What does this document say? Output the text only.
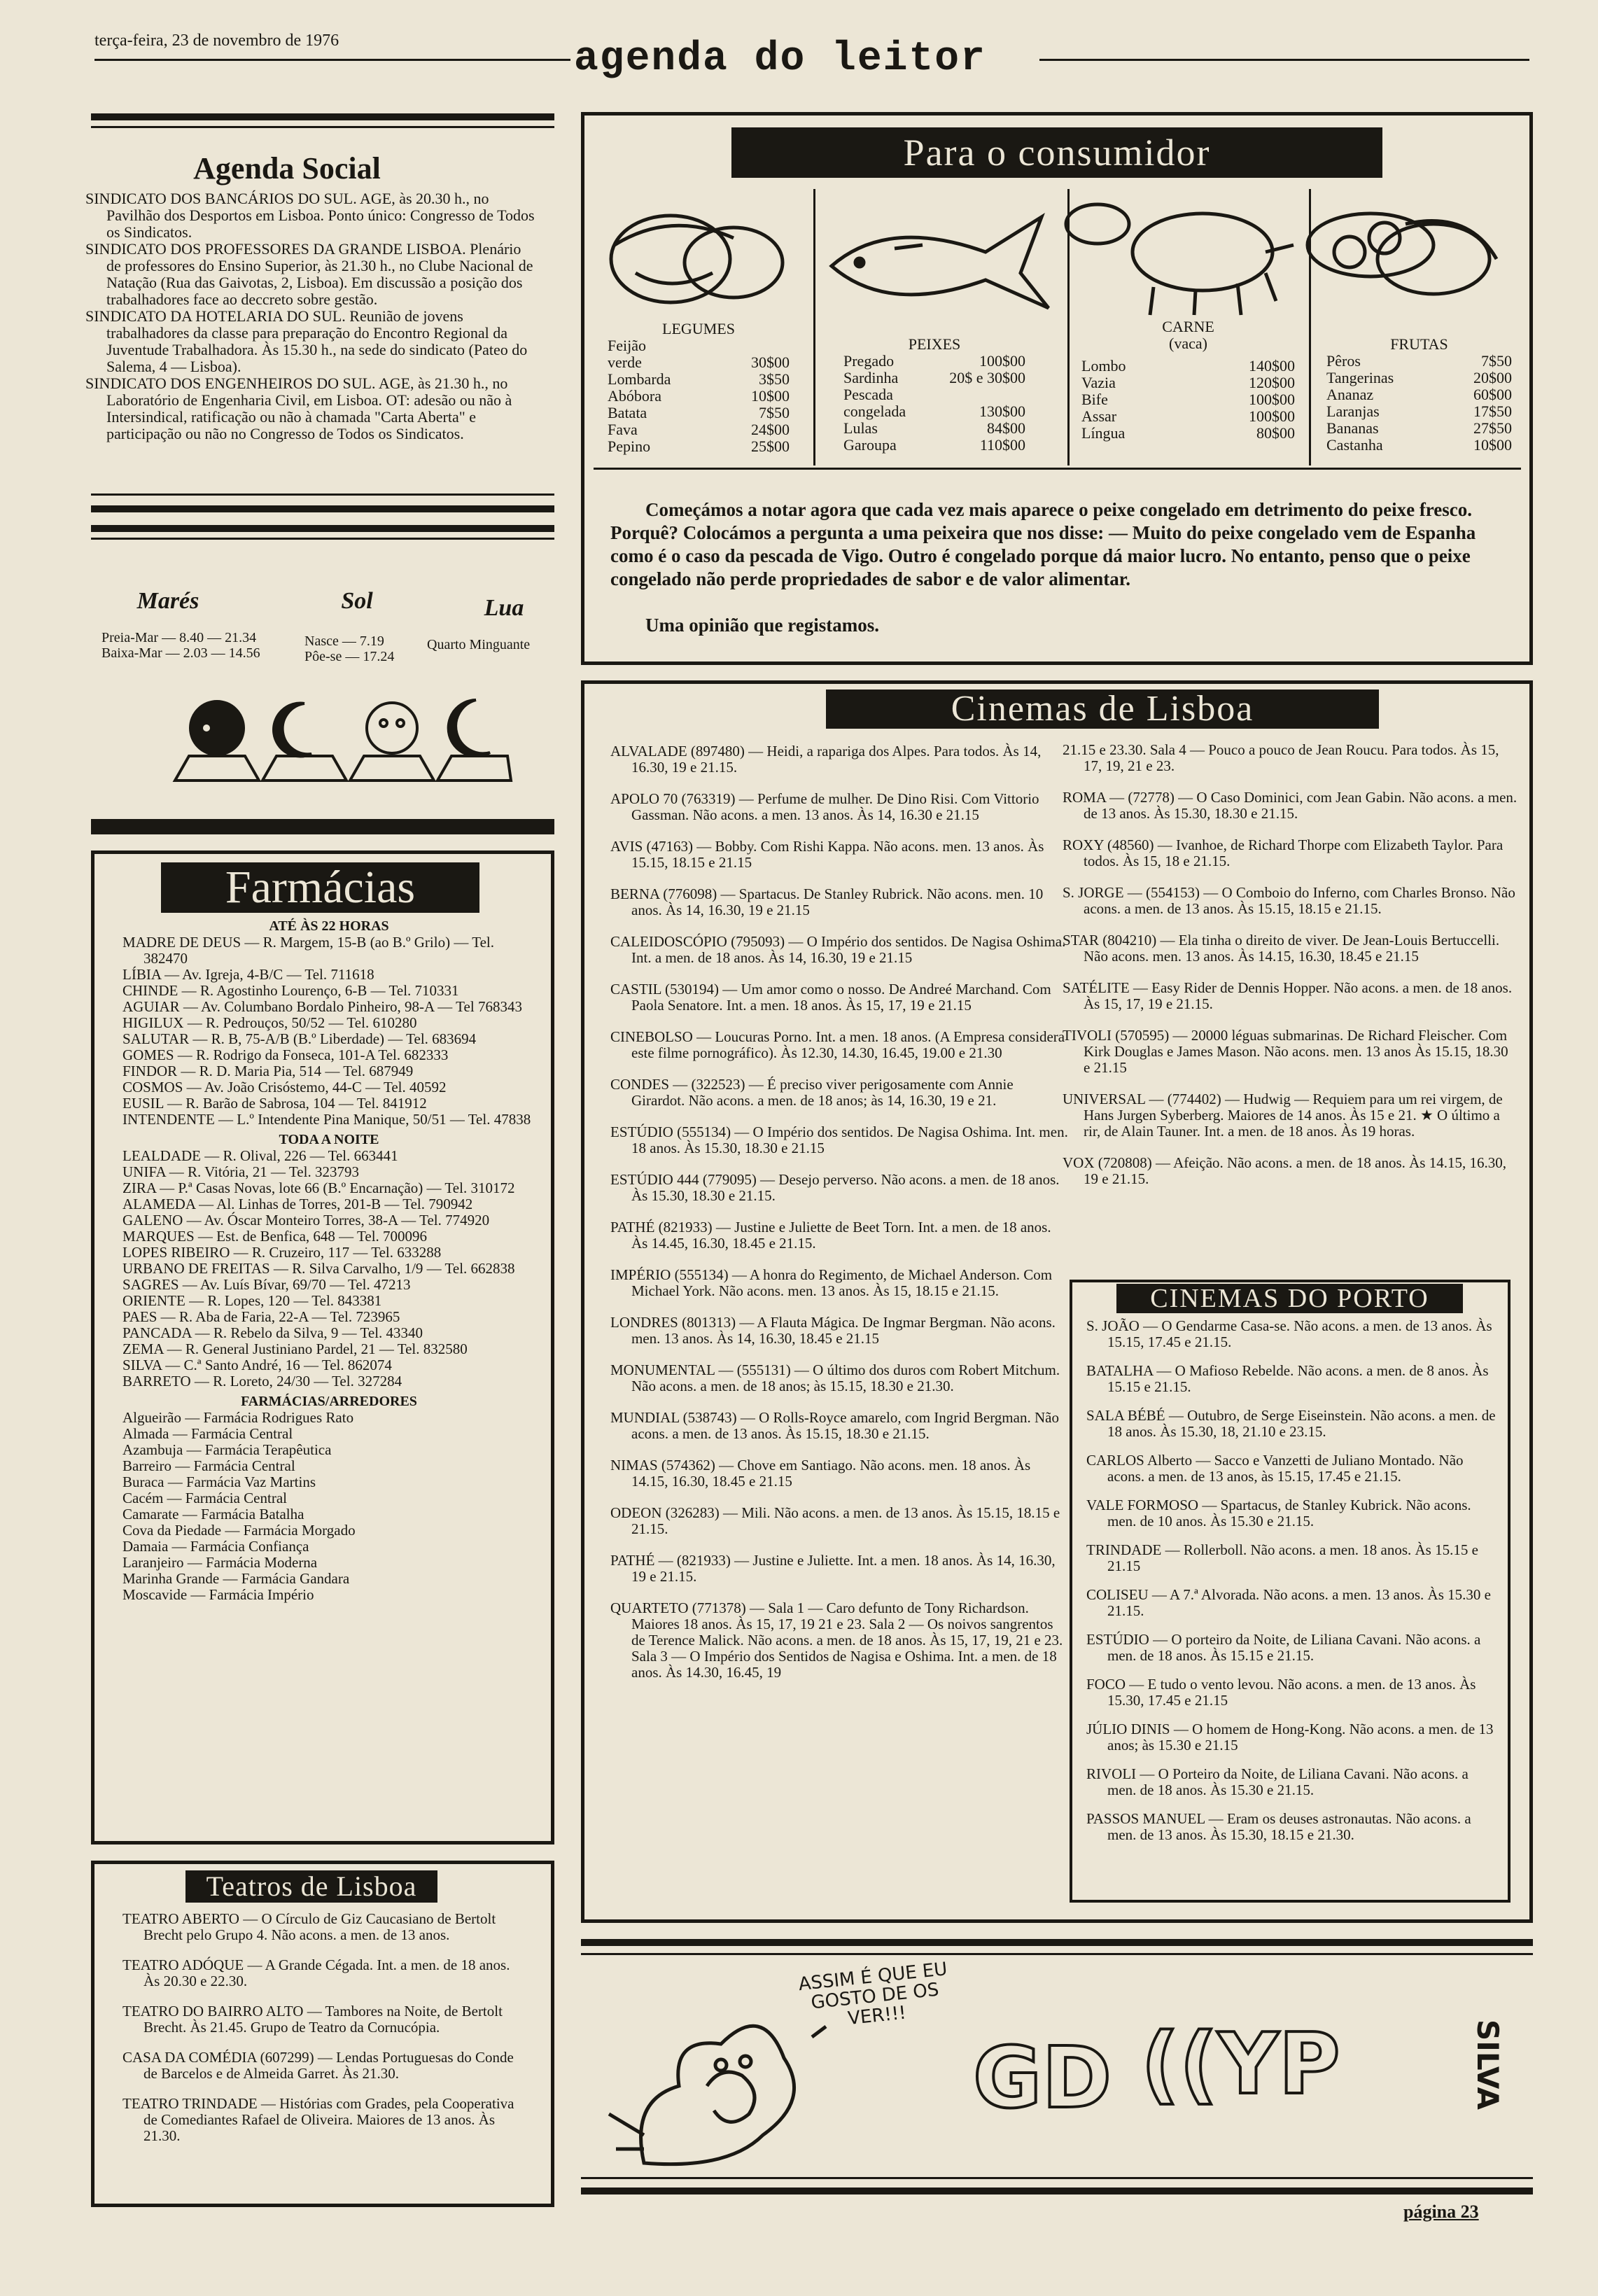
terça-feira, 23 de novembro de 1976	agenda do leitor
Agenda Social
SINDICATO DOS BANCÁRIOS DO SUL. AGE, às 20.30 h., no Pavilhão dos Desportos em Lisboa. Ponto único: Congresso de Todos os Sindicatos.
SINDICATO DOS PROFESSORES DA GRANDE LISBOA. Plenário de professores do Ensino Superior, às 21.30 h., no Clube Nacional de Natação (Rua das Gaivotas, 2, Lisboa). Em discussão a posição dos trabalhadores face ao deccreto sobre gestão.
SINDICATO DA HOTELARIA DO SUL. Reunião de jovens trabalhadores da classe para preparação do Encontro Regional da Juventude Trabalhadora. Às 15.30 h., na sede do sindicato (Pateo do Salema, 4 — Lisboa).
SINDICATO DOS ENGENHEIROS DO SUL. AGE, às 21.30 h., no Laboratório de Engenharia Civil, em Lisboa. OT: adesão ou não à Intersindical, ratificação ou não à chamada "Carta Aberta" e participação ou não no Congresso de Todos os Sindicatos.
Marés	Sol	Lua
Preia-Mar — 8.40 — 21.34
Baixa-Mar — 2.03 — 14.56
Nasce — 7.19
Pôe-se — 17.24
Quarto Minguante
Farmácias
ATÉ ÀS 22 HORAS
MADRE DE DEUS — R. Margem, 15-B (ao B.º Grilo) — Tel. 382470
LÍBIA — Av. Igreja, 4-B/C — Tel. 711618
CHINDE — R. Agostinho Lourenço, 6-B — Tel. 710331
AGUIAR — Av. Columbano Bordalo Pinheiro, 98-A — Tel 768343
HIGILUX — R. Pedrouços, 50/52 — Tel. 610280
SALUTAR — R. B, 75-A/B (B.º Liberdade) — Tel. 683694
GOMES — R. Rodrigo da Fonseca, 101-A Tel. 682333
FINDOR — R. D. Maria Pia, 514 — Tel. 687949
COSMOS — Av. João Crisóstemo, 44-C — Tel. 40592
EUSIL — R. Barão de Sabrosa, 104 — Tel. 841912
INTENDENTE — L.º Intendente Pina Manique, 50/51 — Tel. 47838
TODA A NOITE
LEALDADE — R. Olival, 226 — Tel. 663441
UNIFA — R. Vitória, 21 — Tel. 323793
ZIRA — P.ª Casas Novas, lote 66 (B.º Encarnação) — Tel. 310172
ALAMEDA — Al. Linhas de Torres, 201-B — Tel. 790942
GALENO — Av. Óscar Monteiro Torres, 38-A — Tel. 774920
MARQUES — Est. de Benfica, 648 — Tel. 700096
LOPES RIBEIRO — R. Cruzeiro, 117 — Tel. 633288
URBANO DE FREITAS — R. Silva Carvalho, 1/9 — Tel. 662838
SAGRES — Av. Luís Bívar, 69/70 — Tel. 47213
ORIENTE — R. Lopes, 120 — Tel. 843381
PAES — R. Aba de Faria, 22-A — Tel. 723965
PANCADA — R. Rebelo da Silva, 9 — Tel. 43340
ZEMA — R. General Justiniano Pardel, 21 — Tel. 832580
SILVA — C.ª Santo André, 16 — Tel. 862074
BARRETO — R. Loreto, 24/30 — Tel. 327284
FARMÁCIAS/ARREDORES
Algueirão — Farmácia Rodrigues Rato
Almada — Farmácia Central
Azambuja — Farmácia Terapêutica
Barreiro — Farmácia Central
Buraca — Farmácia Vaz Martins
Cacém — Farmácia Central
Camarate — Farmácia Batalha
Cova da Piedade — Farmácia Morgado
Damaia — Farmácia Confiança
Laranjeiro — Farmácia Moderna
Marinha Grande — Farmácia Gandara
Moscavide — Farmácia Império
Teatros de Lisboa
TEATRO ABERTO — O Círculo de Giz Caucasiano de Bertolt Brecht pelo Grupo 4. Não acons. a men. de 13 anos.
TEATRO ADÓQUE — A Grande Cégada. Int. a men. de 18 anos. Às 20.30 e 22.30.
TEATRO DO BAIRRO ALTO — Tambores na Noite, de Bertolt Brecht. Às 21.45. Grupo de Teatro da Cornucópia.
CASA DA COMÉDIA (607299) — Lendas Portuguesas do Conde de Barcelos e de Almeida Garret. Às 21.30.
TEATRO TRINDADE — Histórias com Grades, pela Cooperativa de Comediantes Rafael de Oliveira. Maiores de 13 anos. Às 21.30.
Para o consumidor
LEGUMES
Feijão
verde	30$00
Lombarda	3$50
Abóbora	10$00
Batata	7$50
Fava	24$00
Pepino	25$00
PEIXES
Pregado	100$00
Sardinha	20$ e 30$00
Pescada
congelada	130$00
Lulas	84$00
Garoupa	110$00
CARNE
(vaca)
Lombo	140$00
Vazia	120$00
Bife	100$00
Assar	100$00
Língua	80$00
FRUTAS
Pêros	7$50
Tangerinas	20$00
Ananaz	60$00
Laranjas	17$50
Bananas	27$50
Castanha	10$00
Começámos a notar agora que cada vez mais aparece o peixe congelado em detrimento do peixe fresco. Porquê? Colocámos a pergunta a uma peixeira que nos disse: — Muito do peixe congelado vem de Espanha como é o caso da pescada de Vigo. Outro é congelado porque dá maior lucro. No entanto, penso que o peixe congelado não perde propriedades de sabor e de valor alimentar.
Uma opinião que registamos.
Cinemas de Lisboa
ALVALADE (897480) — Heidi, a rapariga dos Alpes. Para todos. Às 14, 16.30, 19 e 21.15.
APOLO 70 (763319) — Perfume de mulher. De Dino Risi. Com Vittorio Gassman. Não acons. a men. 13 anos. Às 14, 16.30 e 21.15
AVIS (47163) — Bobby. Com Rishi Kappa. Não acons. men. 13 anos. Às 15.15, 18.15 e 21.15
BERNA (776098) — Spartacus. De Stanley Rubrick. Não acons. men. 10 anos. Às 14, 16.30, 19 e 21.15
CALEIDOSCÓPIO (795093) — O Império dos sentidos. De Nagisa Oshima. Int. a men. de 18 anos. Às 14, 16.30, 19 e 21.15
CASTIL (530194) — Um amor como o nosso. De Andreé Marchand. Com Paola Senatore. Int. a men. 18 anos. Às 15, 17, 19 e 21.15
CINEBOLSO — Loucuras Porno. Int. a men. 18 anos. (A Empresa considera este filme pornográfico). Às 12.30, 14.30, 16.45, 19.00 e 21.30
CONDES — (322523) — É preciso viver perigosamente com Annie Girardot. Não acons. a men. de 18 anos; às 14, 16.30, 19 e 21.
ESTÚDIO (555134) — O Império dos sentidos. De Nagisa Oshima. Int. men. 18 anos. Às 15.30, 18.30 e 21.15
ESTÚDIO 444 (779095) — Desejo perverso. Não acons. a men. de 18 anos. Às 15.30, 18.30 e 21.15.
PATHÉ (821933) — Justine e Juliette de Beet Torn. Int. a men. de 18 anos. Às 14.45, 16.30, 18.45 e 21.15.
IMPÉRIO (555134) — A honra do Regimento, de Michael Anderson. Com Michael York. Não acons. men. 13 anos. Às 15, 18.15 e 21.15.
LONDRES (801313) — A Flauta Mágica. De Ingmar Bergman. Não acons. men. 13 anos. Às 14, 16.30, 18.45 e 21.15
MONUMENTAL — (555131) — O último dos duros com Robert Mitchum. Não acons. a men. de 18 anos; às 15.15, 18.30 e 21.30.
MUNDIAL (538743) — O Rolls-Royce amarelo, com Ingrid Bergman. Não acons. a men. de 13 anos. Às 15.15, 18.30 e 21.15.
NIMAS (574362) — Chove em Santiago. Não acons. men. 18 anos. Às 14.15, 16.30, 18.45 e 21.15
ODEON (326283) — Mili. Não acons. a men. de 13 anos. Às 15.15, 18.15 e 21.15.
PATHÉ — (821933) — Justine e Juliette. Int. a men. 18 anos. Às 14, 16.30, 19 e 21.15.
QUARTETO (771378) — Sala 1 — Caro defunto de Tony Richardson. Maiores 18 anos. Às 15, 17, 19 21 e 23. Sala 2 — Os noivos sangrentos de Terence Malick. Não acons. a men. de 18 anos. Às 15, 17, 19, 21 e 23. Sala 3 — O Império dos Sentidos de Nagisa e Oshima. Int. a men. de 18 anos. Às 14.30, 16.45, 19
21.15 e 23.30. Sala 4 — Pouco a pouco de Jean Roucu. Para todos. Às 15, 17, 19, 21 e 23.
ROMA — (72778) — O Caso Dominici, com Jean Gabin. Não acons. a men. de 13 anos. Às 15.30, 18.30 e 21.15.
ROXY (48560) — Ivanhoe, de Richard Thorpe com Elizabeth Taylor. Para todos. Às 15, 18 e 21.15.
S. JORGE — (554153) — O Comboio do Inferno, com Charles Bronso. Não acons. a men. de 13 anos. Às 15.15, 18.15 e 21.15.
STAR (804210) — Ela tinha o direito de viver. De Jean-Louis Bertuccelli. Não acons. men. 13 anos. Às 14.15, 16.30, 18.45 e 21.15
SATÉLITE — Easy Rider de Dennis Hopper. Não acons. a men. de 18 anos. Às 15, 17, 19 e 21.15.
TIVOLI (570595) — 20000 léguas submarinas. De Richard Fleischer. Com Kirk Douglas e James Mason. Não acons. men. 13 anos Às 15.15, 18.30 e 21.15
UNIVERSAL — (774402) — Hudwig — Requiem para um rei virgem, de Hans Jurgen Syberberg. Maiores de 14 anos. Às 15 e 21. ★ O último a rir, de Alain Tauner. Int. a men. de 18 anos. Às 19 horas.
VOX (720808) — Afeição. Não acons. a men. de 18 anos. Às 14.15, 16.30, 19 e 21.15.
CINEMAS DO PORTO
S. JOÃO — O Gendarme Casa-se. Não acons. a men. de 13 anos. Às 15.15, 17.45 e 21.15.
BATALHA — O Mafioso Rebelde. Não acons. a men. de 8 anos. Às 15.15 e 21.15.
SALA BÉBÉ — Outubro, de Serge Eiseinstein. Não acons. a men. de 18 anos. Às 15.30, 18, 21.10 e 23.15.
CARLOS Alberto — Sacco e Vanzetti de Juliano Montado. Não acons. a men. de 13 anos, às 15.15, 17.45 e 21.15.
VALE FORMOSO — Spartacus, de Stanley Kubrick. Não acons. men. de 10 anos. Às 15.30 e 21.15.
TRINDADE — Rollerboll. Não acons. a men. 18 anos. Às 15.15 e 21.15
COLISEU — A 7.ª Alvorada. Não acons. a men. 13 anos. Às 15.30 e 21.15.
ESTÚDIO — O porteiro da Noite, de Liliana Cavani. Não acons. a men. de 18 anos. Às 15.15 e 21.15.
FOCO — E tudo o vento levou. Não acons. a men. de 13 anos. Às 15.30, 17.45 e 21.15
JÚLIO DINIS — O homem de Hong-Kong. Não acons. a men. de 13 anos; às 15.30 e 21.15
RIVOLI — O Porteiro da Noite, de Liliana Cavani. Não acons. a men. de 18 anos. Às 15.30 e 21.15.
PASSOS MANUEL — Eram os deuses astronautas. Não acons. a men. de 13 anos. Às 15.30, 18.15 e 21.30.
ASSIM É QUE EU GOSTO DE OS VER!!!
GD ((YP	SILVA
página 23
